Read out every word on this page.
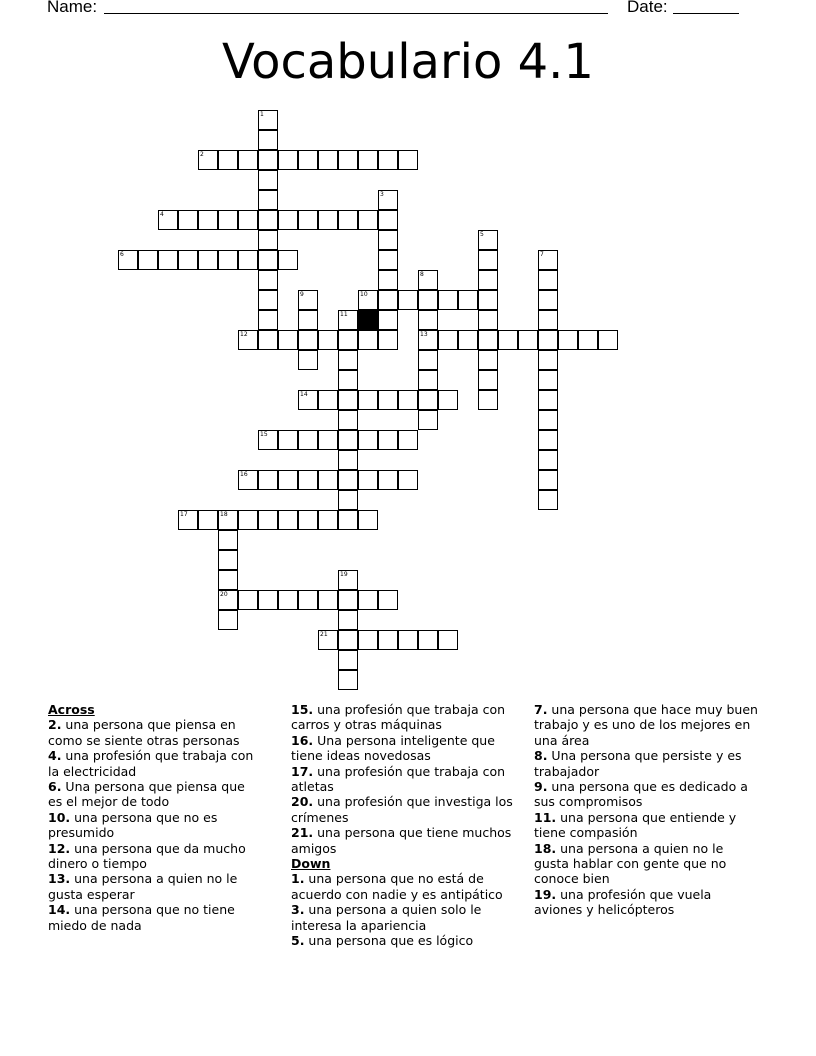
Name:	Date:
Vocabulario 4.1
1
2
3
4
5
6	7
8
13
9	10
11
12
14
15
16
17	18
20
19
21
Across

2. una persona que piensa en como se siente otras personas

4. una profesión que trabaja con la electricidad

6. Una persona que piensa que es el mejor de todo

10. una persona que no es presumido

12. una persona que da mucho dinero o tiempo

13. una persona a quien no le gusta esperar

14. una persona que no tiene miedo de nada

15. una profesión que trabaja con carros y otras máquinas

16. Una persona inteligente que tiene ideas novedosas

17. una profesión que trabaja con atletas

20. una profesión que investiga los crímenes

21. una persona que tiene muchos amigos

Down

1. una persona que no está de acuerdo con nadie y es antipático

3. una persona a quien solo le interesa la apariencia

5. una persona que es lógico

7. una persona que hace muy buen trabajo y es uno de los mejores en una área

8. Una persona que persiste y es trabajador

9. una persona que es dedicado a sus compromisos

11. una persona que entiende y tiene compasión

18. una persona a quien no le gusta hablar con gente que no conoce bien

19. una profesión que vuela aviones y helicópteros
